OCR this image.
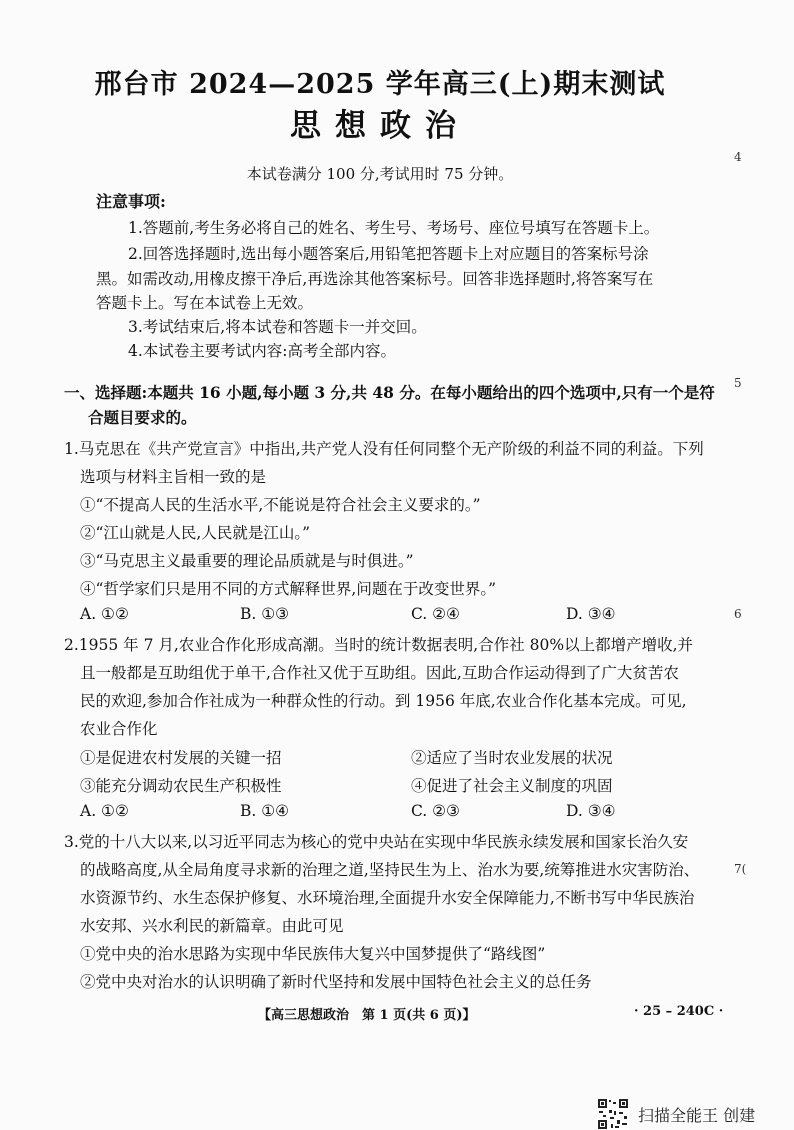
邢台市 2024—2025 学年高三(上)期末测试
思想政治

本试卷满分 100 分,考试用时 75 分钟。

注意事项:

1.答题前,考生务必将自己的姓名、考生号、考场号、座位号填写在答题卡上。

2.回答选择题时,选出每小题答案后,用铅笔把答题卡上对应题目的答案标号涂

黑。如需改动,用橡皮擦干净后,再选涂其他答案标号。回答非选择题时,将答案写在

答题卡上。写在本试卷上无效。

3.考试结束后,将本试卷和答题卡一并交回。

4.本试卷主要考试内容:高考全部内容。

一、选择题:本题共 16 小题,每小题 3 分,共 48 分。在每小题给出的四个选项中,只有一个是符

合题目要求的。

1.马克思在《共产党宣言》中指出,共产党人没有任何同整个无产阶级的利益不同的利益。下列

选项与材料主旨相一致的是

①“不提高人民的生活水平,不能说是符合社会主义要求的。”

②“江山就是人民,人民就是江山。”

③“马克思主义最重要的理论品质就是与时俱进。”

④“哲学家们只是用不同的方式解释世界,问题在于改变世界。”

A. ①②	B. ①③	C. ②④	D. ③④

2.1955 年 7 月,农业合作化形成高潮。当时的统计数据表明,合作社 80%以上都增产增收,并

且一般都是互助组优于单干,合作社又优于互助组。因此,互助合作运动得到了广大贫苦农

民的欢迎,参加合作社成为一种群众性的行动。到 1956 年底,农业合作化基本完成。可见,

农业合作化

①是促进农村发展的关键一招	②适应了当时农业发展的状况

③能充分调动农民生产积极性	④促进了社会主义制度的巩固

A. ①②	B. ①④	C. ②③	D. ③④

3.党的十八大以来,以习近平同志为核心的党中央站在实现中华民族永续发展和国家长治久安

的战略高度,从全局角度寻求新的治理之道,坚持民生为上、治水为要,统筹推进水灾害防治、

水资源节约、水生态保护修复、水环境治理,全面提升水安全保障能力,不断书写中华民族治

水安邦、兴水利民的新篇章。由此可见

①党中央的治水思路为实现中华民族伟大复兴中国梦提供了“路线图”

②党中央对治水的认识明确了新时代坚持和发展中国特色社会主义的总任务

4
5
6
7(

【高三思想政治　第 1 页(共 6 页)】	· 25 – 240C ·

扫描全能王 创建
